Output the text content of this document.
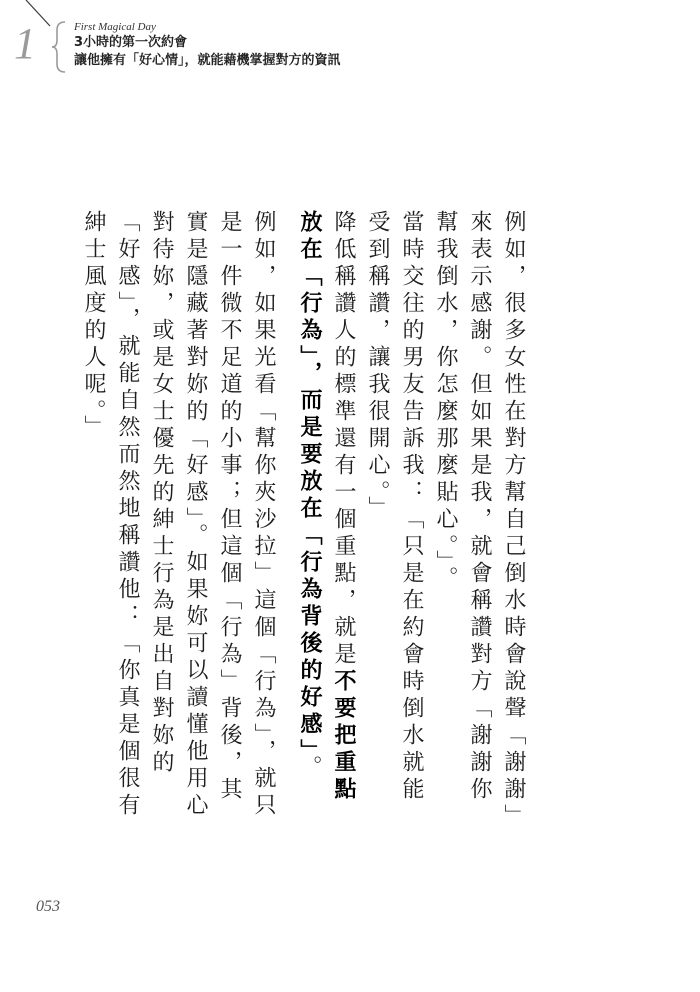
1	First Magical Day
3小時的第一次約會
讓他擁有「好心情」，就能藉機掌握對方的資訊

例如，很多女性在對方幫自己倒水時會說聲「謝謝」來表示感謝。但如果是我，就會稱讚對方「謝謝你幫我倒水，你怎麼那麼貼心。」。

當時交往的男友告訴我：「只是在約會時倒水就能受到稱讚，讓我很開心。」

降低稱讚人的標準還有一個重點，就是不要把重點放在「行為」，而是要放在「行為背後的好感」。

例如，如果光看「幫你夾沙拉」這個「行為」，就只是一件微不足道的小事；但這個「行為」背後，其實是隱藏著對妳的「好感」。如果妳可以讀懂他用心對待妳，或是女士優先的紳士行為是出自對妳的「好感」，就能自然而然地稱讚他：「你真是個很有紳士風度的人呢。」

053
